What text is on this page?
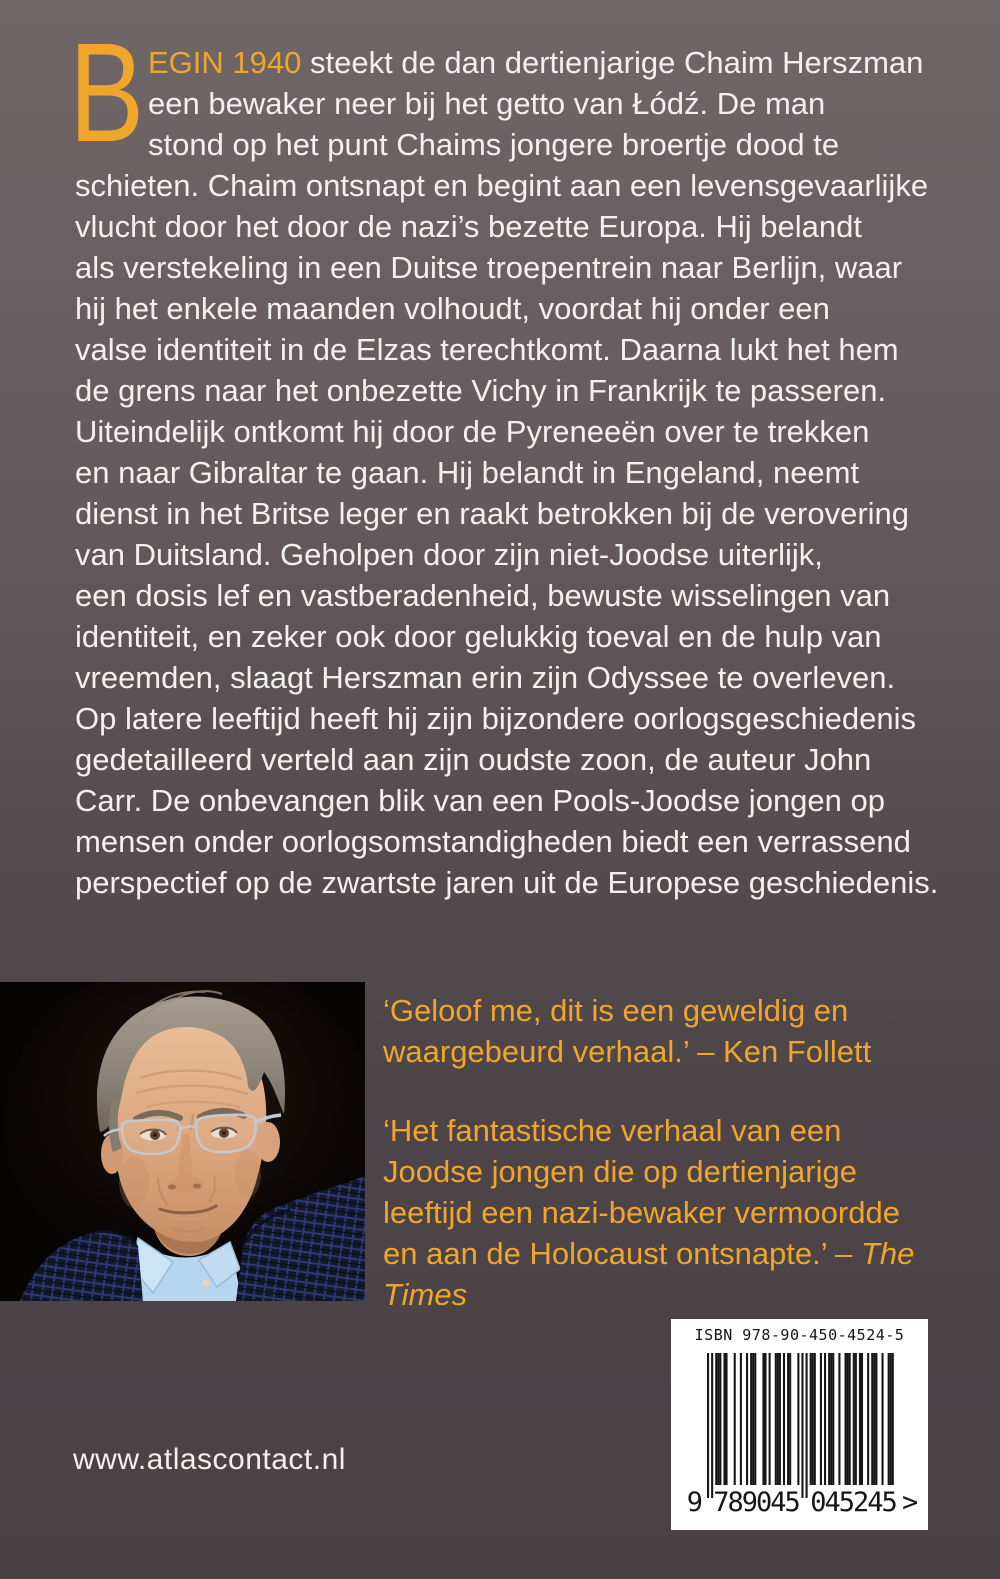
B EGIN 1940 steekt de dan dertienjarige Chaim Herszman
een bewaker neer bij het getto van Łódź. De man
stond op het punt Chaims jongere broertje dood te
schieten. Chaim ontsnapt en begint aan een levensgevaarlijke
vlucht door het door de nazi’s bezette Europa. Hij belandt
als verstekeling in een Duitse troepentrein naar Berlijn, waar
hij het enkele maanden volhoudt, voordat hij onder een
valse identiteit in de Elzas terechtkomt. Daarna lukt het hem
de grens naar het onbezette Vichy in Frankrijk te passeren.
Uiteindelijk ontkomt hij door de Pyreneeën over te trekken
en naar Gibraltar te gaan. Hij belandt in Engeland, neemt
dienst in het Britse leger en raakt betrokken bij de verovering
van Duitsland. Geholpen door zijn niet-Joodse uiterlijk,
een dosis lef en vastberadenheid, bewuste wisselingen van
identiteit, en zeker ook door gelukkig toeval en de hulp van
vreemden, slaagt Herszman erin zijn Odyssee te overleven.
Op latere leeftijd heeft hij zijn bijzondere oorlogsgeschiedenis
gedetailleerd verteld aan zijn oudste zoon, de auteur John
Carr. De onbevangen blik van een Pools-Joodse jongen op
mensen onder oorlogsomstandigheden biedt een verrassend
perspectief op de zwartste jaren uit de Europese geschiedenis.
‘Geloof me, dit is een geweldig en
waargebeurd verhaal.’ – Ken Follett
‘Het fantastische verhaal van een
Joodse jongen die op dertienjarige
leeftijd een nazi-bewaker vermoordde
en aan de Holocaust ontsnapte.’ – The
Times
www.atlascontact.nl
ISBN 978-90-450-4524-5
9 789045 045245 >
